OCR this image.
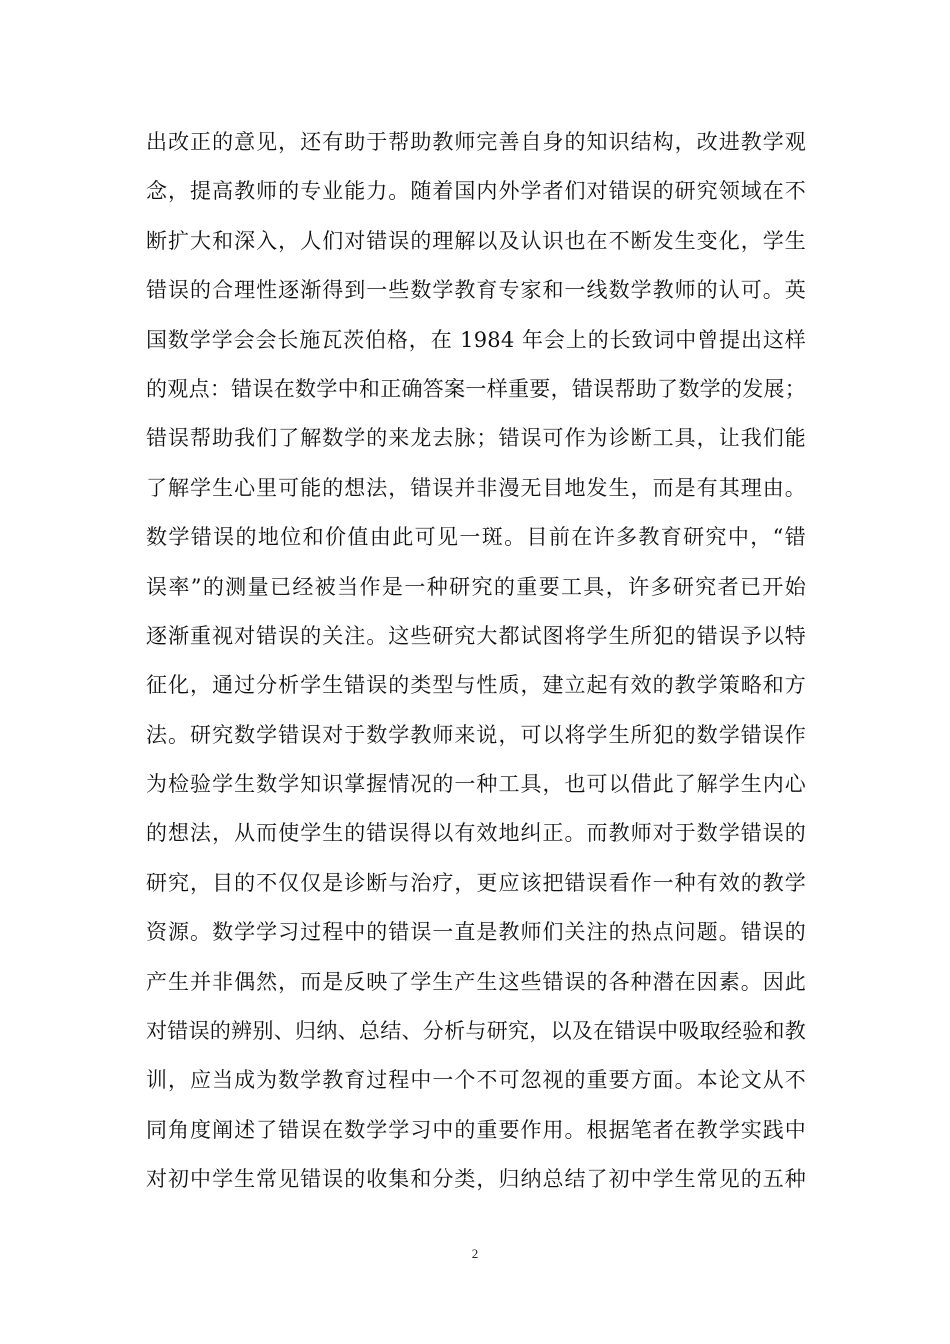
出改正的意见，还有助于帮助教师完善自身的知识结构，改进教学观
念，提高教师的专业能力。随着国内外学者们对错误的研究领域在不
断扩大和深入，人们对错误的理解以及认识也在不断发生变化，学生
错误的合理性逐渐得到一些数学教育专家和一线数学教师的认可。英
国数学学会会长施瓦茨伯格，在 1984 年会上的长致词中曾提出这样
的观点：错误在数学中和正确答案一样重要，错误帮助了数学的发展；
错误帮助我们了解数学的来龙去脉；错误可作为诊断工具，让我们能
了解学生心里可能的想法，错误并非漫无目地发生，而是有其理由。
数学错误的地位和价值由此可见一斑。目前在许多教育研究中，“错
误率”的测量已经被当作是一种研究的重要工具，许多研究者已开始
逐渐重视对错误的关注。这些研究大都试图将学生所犯的错误予以特
征化，通过分析学生错误的类型与性质，建立起有效的教学策略和方
法。研究数学错误对于数学教师来说，可以将学生所犯的数学错误作
为检验学生数学知识掌握情况的一种工具，也可以借此了解学生内心
的想法，从而使学生的错误得以有效地纠正。而教师对于数学错误的
研究，目的不仅仅是诊断与治疗，更应该把错误看作一种有效的教学
资源。数学学习过程中的错误一直是教师们关注的热点问题。错误的
产生并非偶然，而是反映了学生产生这些错误的各种潜在因素。因此
对错误的辨别、归纳、总结、分析与研究，以及在错误中吸取经验和教
训，应当成为数学教育过程中一个不可忽视的重要方面。本论文从不
同角度阐述了错误在数学学习中的重要作用。根据笔者在教学实践中
对初中学生常见错误的收集和分类，归纳总结了初中学生常见的五种
2
